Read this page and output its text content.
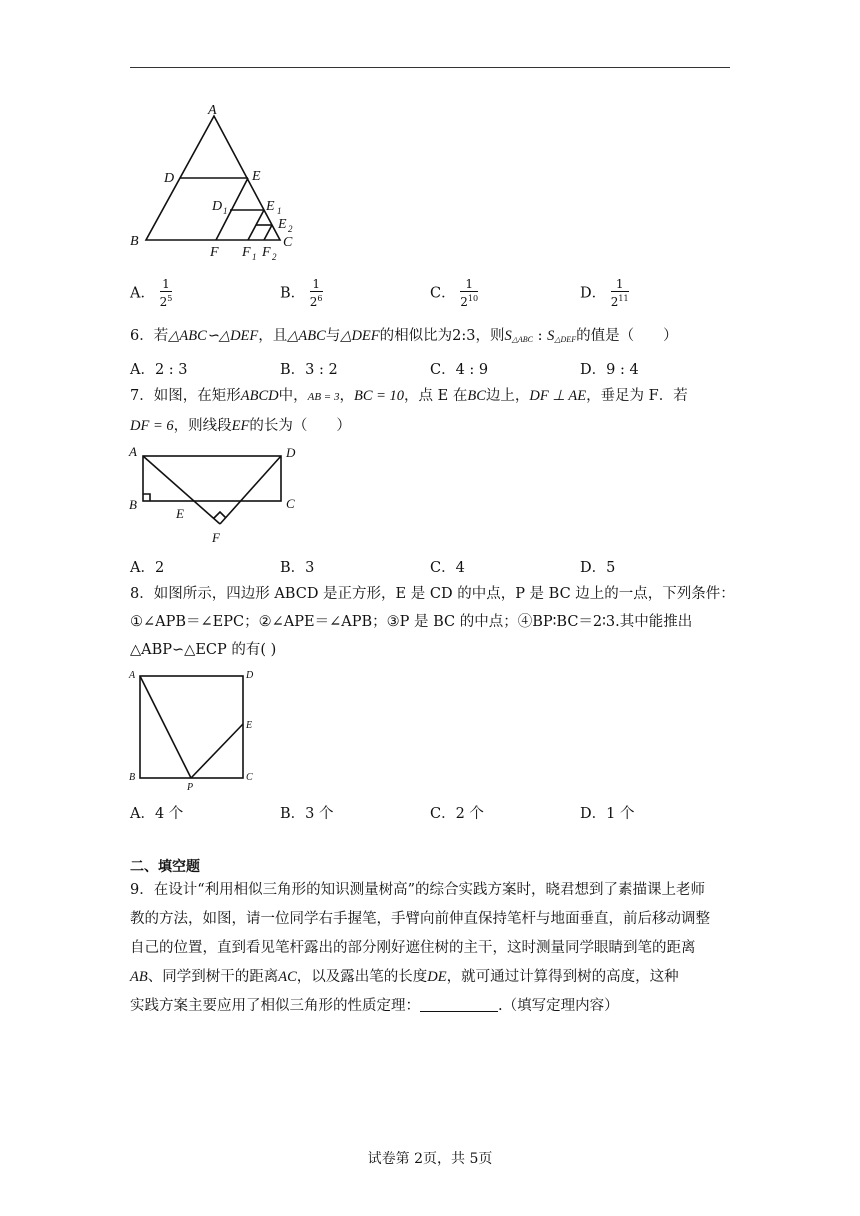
A
D	E
D 1	E 1
E 2
B	C
F F 1 F 2
A． $\frac{1}{2^5}$	B． $\frac{1}{2^6}$	C． $\frac{1}{2^{10}}$	D． $\frac{1}{2^{11}}$
6．若△ABC∽△DEF，且△ABC与△DEF的相似比为2:3，则$S_{\triangle ABC}$ : $S_{\triangle DEF}$的值是（　　）
A．2 : 3	B．3 : 2	C．4 : 9	D．9 : 4
7．如图，在矩形ABCD中，AB = 3，BC = 10，点 E 在BC边上，DF ⊥ AE，垂足为 F．若
DF = 6，则线段EF的长为（　　）
A	D
B	C
E
F
A．2	B．3	C．4	D．5
8．如图所示，四边形 ABCD 是正方形，E 是 CD 的中点，P 是 BC 边上的一点，下列条件：
①∠APB＝∠EPC；②∠APE＝∠APB；③P 是 BC 的中点；④BP∶BC＝2∶3.其中能推出
△ABP∽△ECP 的有( )
A	D
E
B	C
P
A．4 个	B．3 个	C．2 个	D．1 个
二、填空题
9．在设计“利用相似三角形的知识测量树高”的综合实践方案时，晓君想到了素描课上老师
教的方法，如图，请一位同学右手握笔，手臂向前伸直保持笔杆与地面垂直，前后移动调整
自己的位置，直到看见笔杆露出的部分刚好遮住树的主干，这时测量同学眼睛到笔的距离
AB、同学到树干的距离AC，以及露出笔的长度DE，就可通过计算得到树的高度，这种
实践方案主要应用了相似三角形的性质定理：	.（填写定理内容）
试卷第 2页，共 5页
